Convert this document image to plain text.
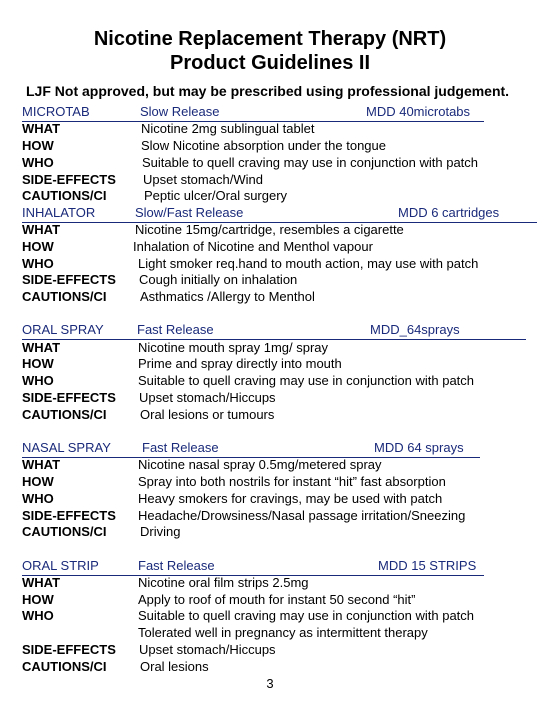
Nicotine Replacement Therapy (NRT)
Product Guidelines II
LJF Not approved, but may be prescribed using professional judgement.
MICROTAB	Slow Release	MDD 40microtabs
WHAT	Nicotine 2mg sublingual tablet
HOW	Slow Nicotine absorption under the tongue
WHO	Suitable to quell craving may use in conjunction with patch
SIDE-EFFECTS Upset stomach/Wind
CAUTIONS/CI	Peptic ulcer/Oral surgery
INHALATOR	Slow/Fast Release	MDD 6 cartridges
WHAT	Nicotine 15mg/cartridge, resembles a cigarette
HOW	Inhalation of Nicotine and Menthol vapour
WHO	Light smoker req.hand to mouth action, may use with patch
SIDE-EFFECTS Cough initially on inhalation
CAUTIONS/CI	Asthmatics /Allergy to Menthol
ORAL SPRAY	Fast Release	MDD_64sprays
WHAT	Nicotine mouth spray 1mg/ spray
HOW	Prime and spray directly into mouth
WHO	Suitable to quell craving may use in conjunction with patch
SIDE-EFFECTS Upset stomach/Hiccups
CAUTIONS/CI	Oral lesions or tumours
NASAL SPRAY Fast Release	MDD 64 sprays
WHAT	Nicotine nasal spray 0.5mg/metered spray
HOW	Spray into both nostrils for instant “hit” fast absorption
WHO	Heavy smokers for cravings, may be used with patch
SIDE-EFFECTS Headache/Drowsiness/Nasal passage irritation/Sneezing
CAUTIONS/CI	Driving
ORAL STRIP	Fast Release	MDD 15 STRIPS
WHAT	Nicotine oral film strips 2.5mg
HOW	Apply to roof of mouth for instant 50 second “hit”
WHO	Suitable to quell craving may use in conjunction with patch
Tolerated well in pregnancy as intermittent therapy
SIDE-EFFECTS Upset stomach/Hiccups
CAUTIONS/CI	Oral lesions
3
